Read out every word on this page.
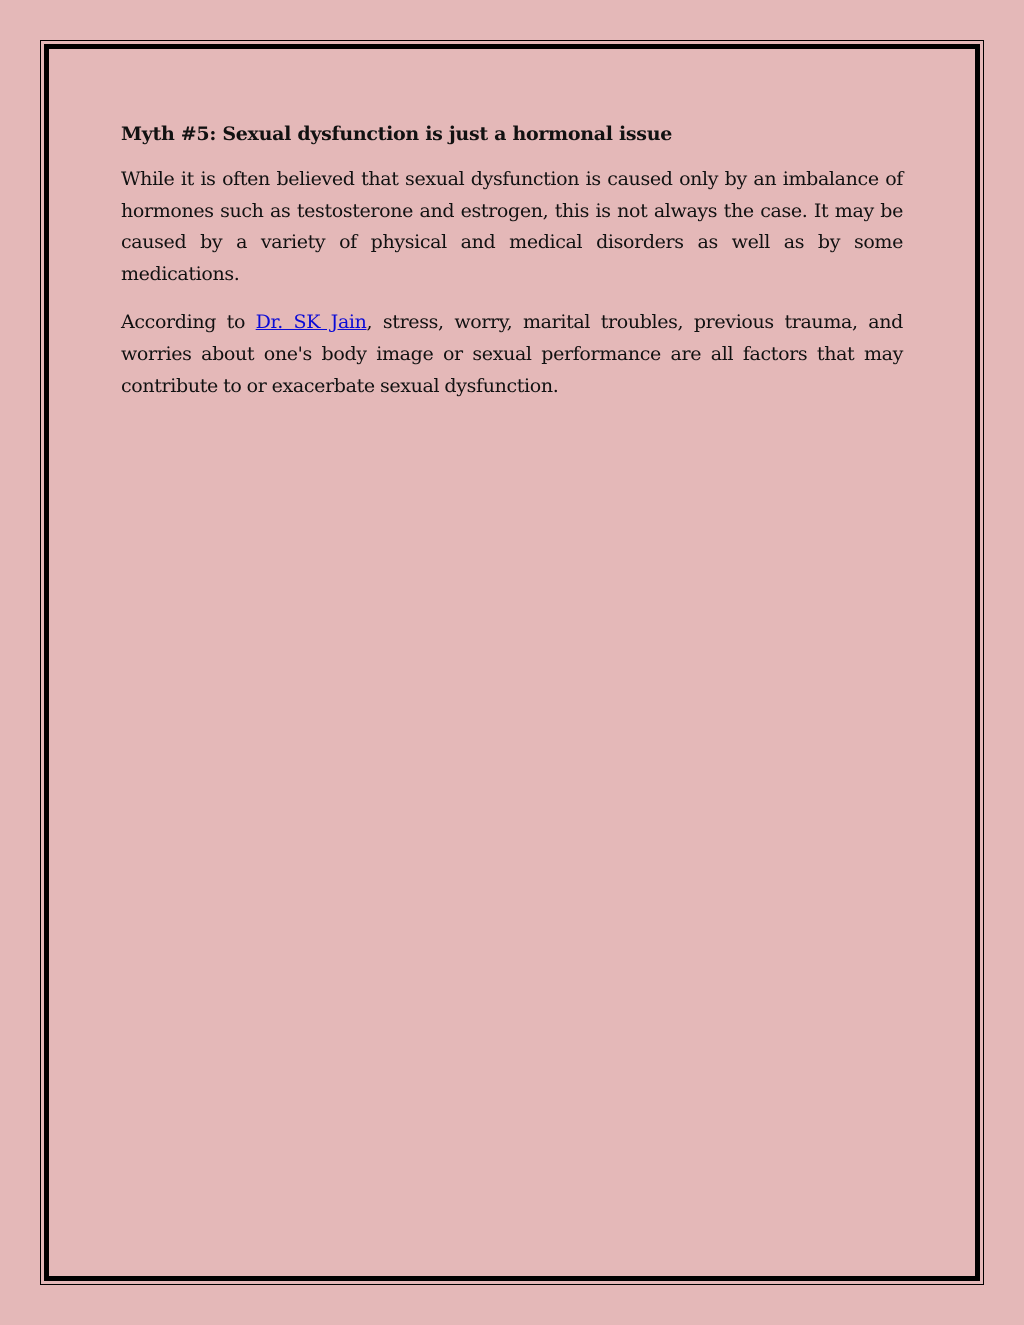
Myth #5: Sexual dysfunction is just a hormonal issue

While it is often believed that sexual dysfunction is caused only by an imbalance of hormones such as testosterone and estrogen, this is not always the case. It may be caused by a variety of physical and medical disorders as well as by some medications.

According to Dr. SK Jain, stress, worry, marital troubles, previous trauma, and worries about one's body image or sexual performance are all factors that may contribute to or exacerbate sexual dysfunction.
